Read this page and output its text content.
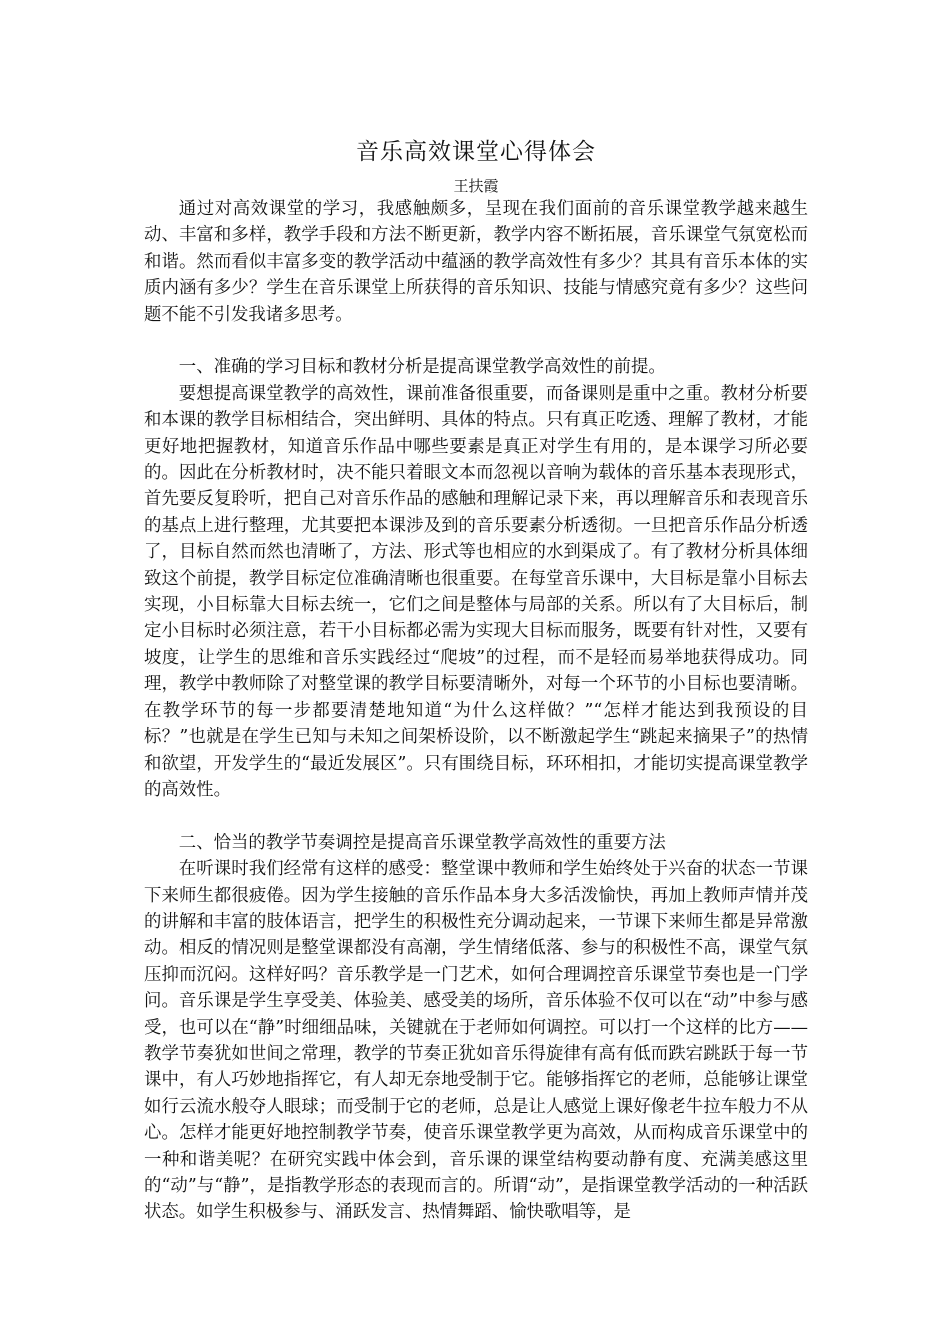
音乐高效课堂心得体会

王扶霞

通过对高效课堂的学习，我感触颇多，呈现在我们面前的音乐课堂教学越来越生动、丰富和多样，教学手段和方法不断更新，教学内容不断拓展，音乐课堂气氛宽松而和谐。然而看似丰富多变的教学活动中蕴涵的教学高效性有多少？其具有音乐本体的实质内涵有多少？学生在音乐课堂上所获得的音乐知识、技能与情感究竟有多少？这些问题不能不引发我诸多思考。

一、准确的学习目标和教材分析是提高课堂教学高效性的前提。

要想提高课堂教学的高效性，课前准备很重要，而备课则是重中之重。教材分析要和本课的教学目标相结合，突出鲜明、具体的特点。只有真正吃透、理解了教材，才能更好地把握教材，知道音乐作品中哪些要素是真正对学生有用的，是本课学习所必要的。因此在分析教材时，决不能只着眼文本而忽视以音响为载体的音乐基本表现形式，首先要反复聆听，把自己对音乐作品的感触和理解记录下来，再以理解音乐和表现音乐的基点上进行整理，尤其要把本课涉及到的音乐要素分析透彻。一旦把音乐作品分析透了，目标自然而然也清晰了，方法、形式等也相应的水到渠成了。有了教材分析具体细致这个前提，教学目标定位准确清晰也很重要。在每堂音乐课中，大目标是靠小目标去实现，小目标靠大目标去统一，它们之间是整体与局部的关系。所以有了大目标后，制定小目标时必须注意，若干小目标都必需为实现大目标而服务，既要有针对性，又要有坡度，让学生的思维和音乐实践经过“爬坡”的过程，而不是轻而易举地获得成功。同理，教学中教师除了对整堂课的教学目标要清晰外，对每一个环节的小目标也要清晰。在教学环节的每一步都要清楚地知道“为什么这样做？”“怎样才能达到我预设的目标？”也就是在学生已知与未知之间架桥设阶，以不断激起学生“跳起来摘果子”的热情和欲望，开发学生的“最近发展区”。只有围绕目标，环环相扣，才能切实提高课堂教学的高效性。

二、恰当的教学节奏调控是提高音乐课堂教学高效性的重要方法

在听课时我们经常有这样的感受：整堂课中教师和学生始终处于兴奋的状态一节课下来师生都很疲倦。因为学生接触的音乐作品本身大多活泼愉快，再加上教师声情并茂的讲解和丰富的肢体语言，把学生的积极性充分调动起来，一节课下来师生都是异常激动。相反的情况则是整堂课都没有高潮，学生情绪低落、参与的积极性不高，课堂气氛压抑而沉闷。这样好吗？音乐教学是一门艺术，如何合理调控音乐课堂节奏也是一门学问。音乐课是学生享受美、体验美、感受美的场所，音乐体验不仅可以在“动”中参与感受，也可以在“静”时细细品味，关键就在于老师如何调控。可以打一个这样的比方——教学节奏犹如世间之常理，教学的节奏正犹如音乐得旋律有高有低而跌宕跳跃于每一节课中，有人巧妙地指挥它，有人却无奈地受制于它。能够指挥它的老师，总能够让课堂如行云流水般夺人眼球；而受制于它的老师，总是让人感觉上课好像老牛拉车般力不从心。怎样才能更好地控制教学节奏，使音乐课堂教学更为高效，从而构成音乐课堂中的一种和谐美呢？在研究实践中体会到，音乐课的课堂结构要动静有度、充满美感这里的“动”与“静”，是指教学形态的表现而言的。所谓“动”，是指课堂教学活动的一种活跃状态。如学生积极参与、涌跃发言、热情舞蹈、愉快歌唱等，是
